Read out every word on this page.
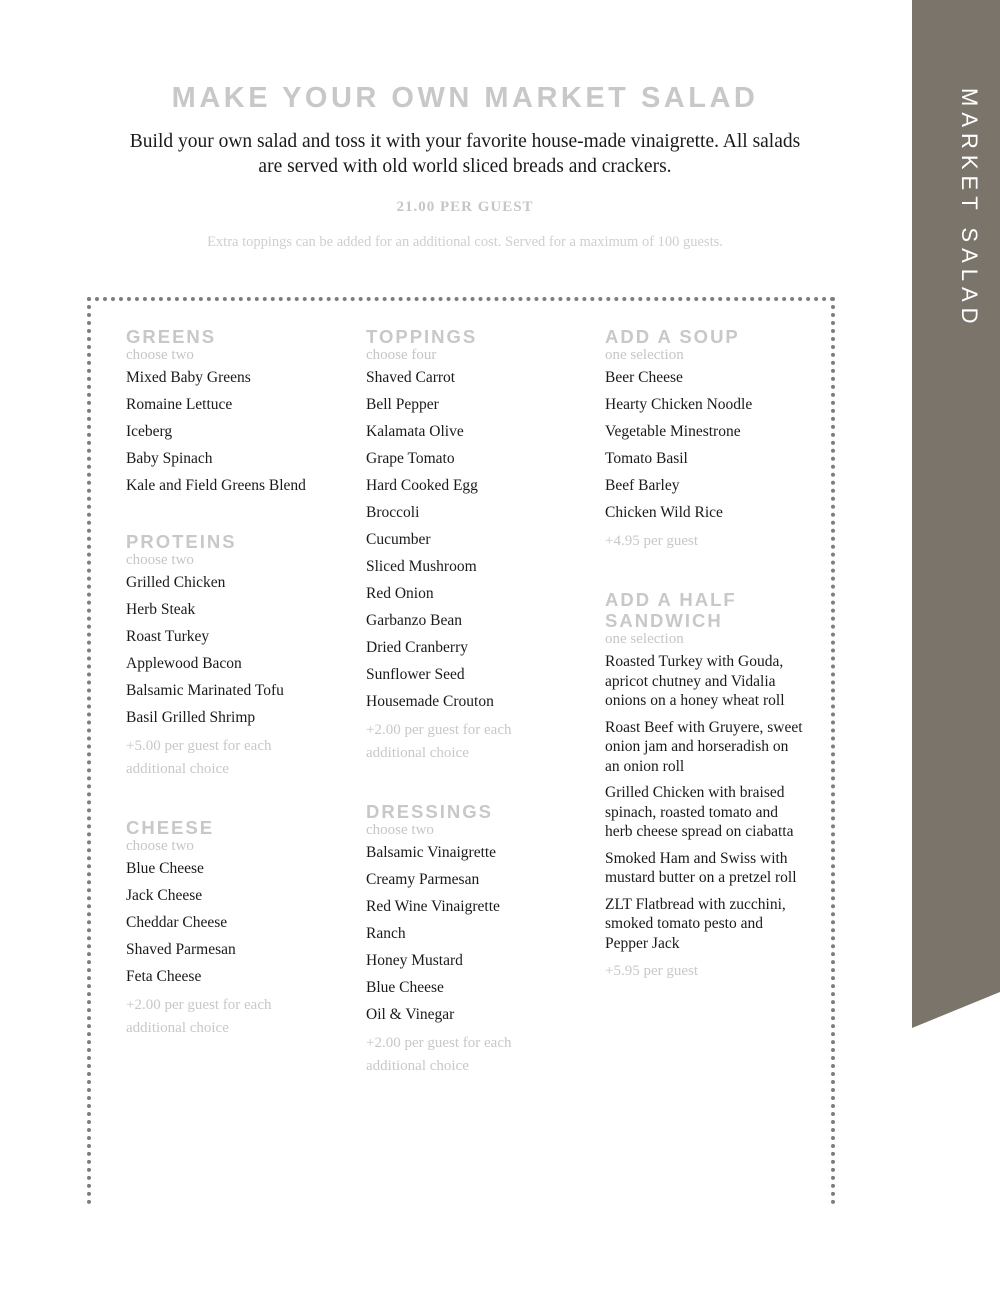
MARKET SALAD
MAKE YOUR OWN MARKET SALAD
Build your own salad and toss it with your favorite house-made vinaigrette. All salads are served with old world sliced breads and crackers.
21.00 PER GUEST
Extra toppings can be added for an additional cost. Served for a maximum of 100 guests.
GREENS
choose two
Mixed Baby Greens
Romaine Lettuce
Iceberg
Baby Spinach
Kale and Field Greens Blend
PROTEINS
choose two
Grilled Chicken
Herb Steak
Roast Turkey
Applewood Bacon
Balsamic Marinated Tofu
Basil Grilled Shrimp
+5.00 per guest for each additional choice
CHEESE
choose two
Blue Cheese
Jack Cheese
Cheddar Cheese
Shaved Parmesan
Feta Cheese
+2.00 per guest for each additional choice
TOPPINGS
choose four
Shaved Carrot
Bell Pepper
Kalamata Olive
Grape Tomato
Hard Cooked Egg
Broccoli
Cucumber
Sliced Mushroom
Red Onion
Garbanzo Bean
Dried Cranberry
Sunflower Seed
Housemade Crouton
+2.00 per guest for each additional choice
DRESSINGS
choose two
Balsamic Vinaigrette
Creamy Parmesan
Red Wine Vinaigrette
Ranch
Honey Mustard
Blue Cheese
Oil & Vinegar
+2.00 per guest for each additional choice
ADD A SOUP
one selection
Beer Cheese
Hearty Chicken Noodle
Vegetable Minestrone
Tomato Basil
Beef Barley
Chicken Wild Rice
+4.95 per guest
ADD A HALF SANDWICH
one selection
Roasted Turkey with Gouda, apricot chutney and Vidalia onions on a honey wheat roll
Roast Beef with Gruyere, sweet onion jam and horseradish on an onion roll
Grilled Chicken with braised spinach, roasted tomato and herb cheese spread on ciabatta
Smoked Ham and Swiss with mustard butter on a pretzel roll
ZLT Flatbread with zucchini, smoked tomato pesto and Pepper Jack
+5.95 per guest
